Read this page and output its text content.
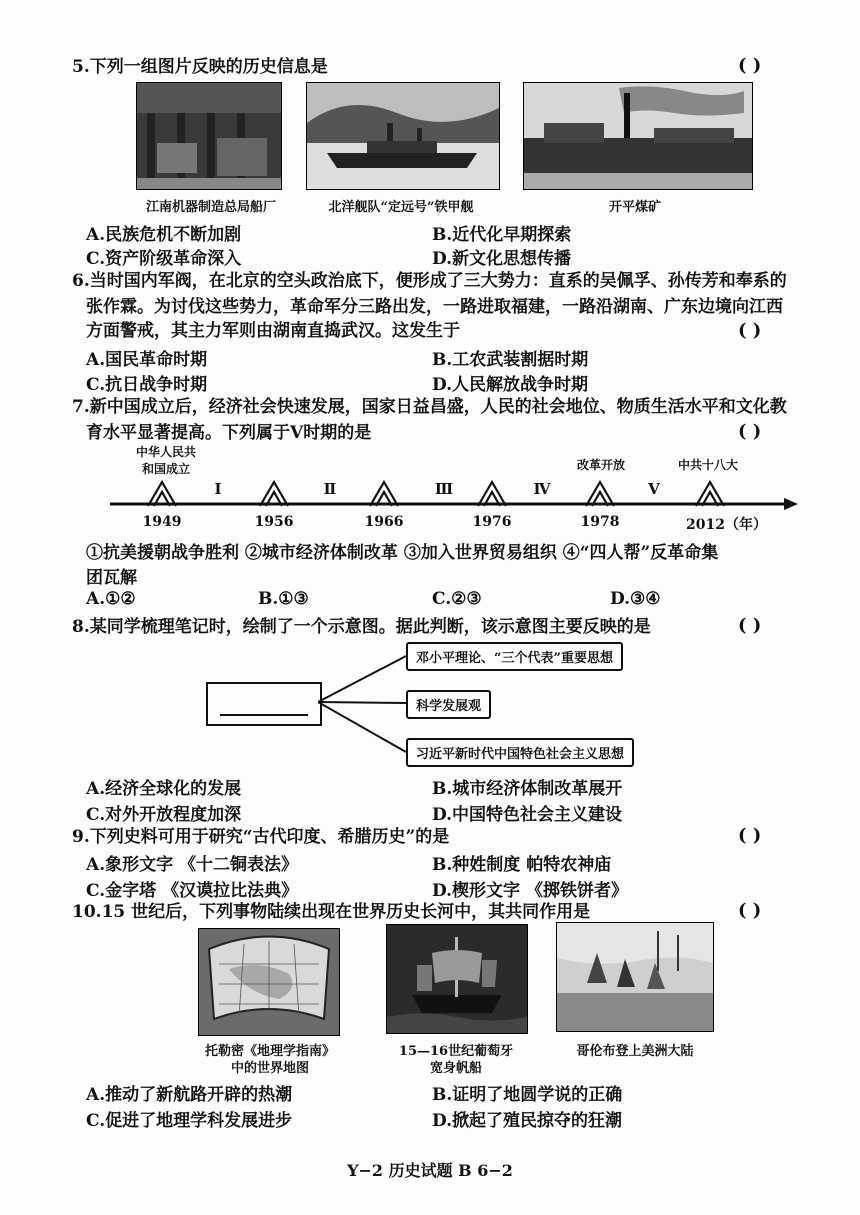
5.下列一组图片反映的历史信息是	( )
江南机器制造总局船厂	北洋舰队“定远号”铁甲舰	开平煤矿
A.民族危机不断加剧	B.近代化早期探索
C.资产阶级革命深入	D.新文化思想传播
6.当时国内军阀，在北京的空头政治底下，便形成了三大势力：直系的吴佩孚、孙传芳和奉系的
张作霖。为讨伐这些势力，革命军分三路出发，一路进取福建，一路沿湖南、广东边境向江西
方面警戒，其主力军则由湖南直捣武汉。这发生于	( )
A.国民革命时期	B.工农武装割据时期
C.抗日战争时期	D.人民解放战争时期
7.新中国成立后，经济社会快速发展，国家日益昌盛，人民的社会地位、物质生活水平和文化教
育水平显著提高。下列属于Ⅴ时期的是	( )
中华人民共
和国成立	改革开放	中共十八大
Ⅰ	Ⅱ	Ⅲ	Ⅳ	Ⅴ
1949	1956	1966	1976	1978	2012（年）
①抗美援朝战争胜利 ②城市经济体制改革 ③加入世界贸易组织 ④“四人帮”反革命集
团瓦解
A.①②	B.①③	C.②③	D.③④
8.某同学梳理笔记时，绘制了一个示意图。据此判断，该示意图主要反映的是	( )
邓小平理论、“三个代表”重要思想
科学发展观
习近平新时代中国特色社会主义思想
A.经济全球化的发展	B.城市经济体制改革展开
C.对外开放程度加深	D.中国特色社会主义建设
9.下列史料可用于研究“古代印度、希腊历史”的是	( )
A.象形文字 《十二铜表法》	B.种姓制度 帕特农神庙
C.金字塔 《汉谟拉比法典》	D.楔形文字 《掷铁饼者》
10.15 世纪后，下列事物陆续出现在世界历史长河中，其共同作用是	( )
托勒密《地理学指南》
中的世界地图
15—16世纪葡萄牙
宽身帆船
哥伦布登上美洲大陆
A.推动了新航路开辟的热潮	B.证明了地圆学说的正确
C.促进了地理学科发展进步	D.掀起了殖民掠夺的狂潮
Y−2 历史试题 B 6−2
